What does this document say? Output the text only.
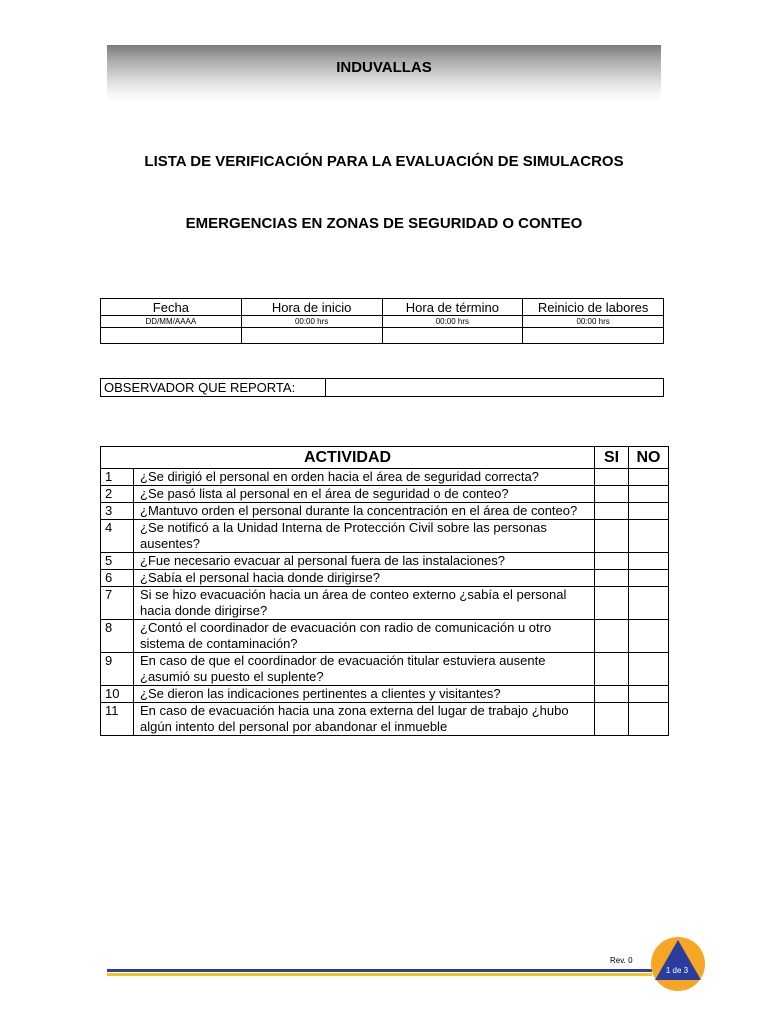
INDUVALLAS
LISTA DE VERIFICACIÓN PARA LA EVALUACIÓN DE SIMULACROS
EMERGENCIAS EN ZONAS DE SEGURIDAD O CONTEO
Fecha	Hora de inicio	Hora de término	Reinicio de labores
DD/MM/AAAA	00:00 hrs	00:00 hrs	00:00 hrs

OBSERVADOR QUE REPORTA:	
ACTIVIDAD		SI	NO
1	¿Se dirigió el personal en orden hacia el área de seguridad correcta?		
2	¿Se pasó lista al personal en el área de seguridad o de conteo?		
3	¿Mantuvo orden el personal durante la concentración en el área de conteo?		
4	¿Se notificó a la Unidad Interna de Protección Civil sobre las personas ausentes?		
5	¿Fue necesario evacuar al personal fuera de las instalaciones?		
6	¿Sabía el personal hacia donde dirigirse?		
7	Si se hizo evacuación hacia un área de conteo externo ¿sabía el personal hacia donde dirigirse?		
8	¿Contó el coordinador de evacuación con radio de comunicación u otro sistema de contaminación?		
9	En caso de que el coordinador de evacuación titular estuviera ausente ¿asumió su puesto el suplente?		
10	¿Se dieron las indicaciones pertinentes a clientes y visitantes?		
11	En caso de evacuación hacia una zona externa del lugar de trabajo ¿hubo algún intento del personal por abandonar el inmueble		
Rev. 0
1 de 3
